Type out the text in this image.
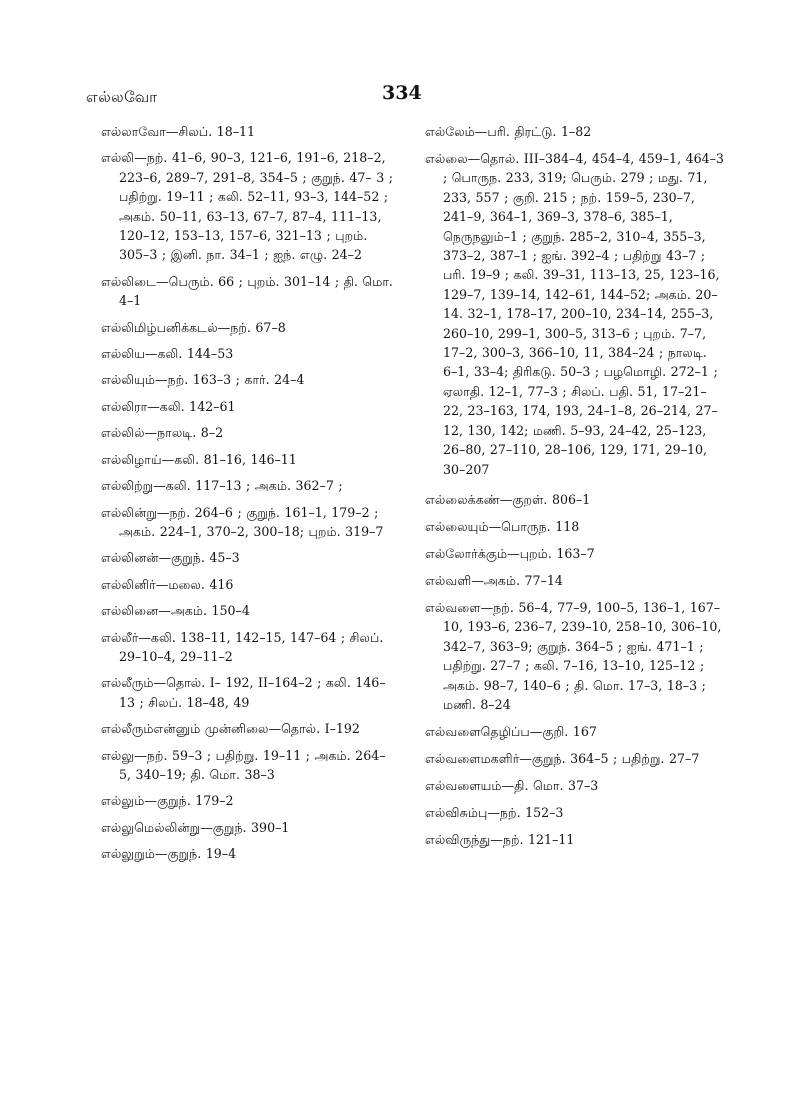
எல்லவோ	334
எல்லாவோ—சிலப். 18–11
எல்லி—நற். 41–6, 90–3, 121–6, 191–6, 218–2, 223–6, 289–7, 291–8, 354–5 ; குறுந். 47– 3 ; பதிற்று. 19–11 ; கலி. 52–11, 93–3, 144–52 ; அகம். 50–11, 63–13, 67–7, 87–4, 111–13, 120–12, 153–13, 157–6, 321–13 ; புறம். 305–3 ; இனி. நா. 34–1 ; ஐந். எழு. 24–2
எல்லிடை—பெரும். 66 ; புறம். 301–14 ; தி. மொ. 4–1
எல்லிமிழ்பனிக்கடல்—நற். 67–8
எல்லிய—கலி. 144–53
எல்லியும்—நற். 163–3 ; கார். 24–4
எல்லிரா—கலி. 142–61
எல்லில்—நாலடி. 8–2
எல்லிழாய்—கலி. 81–16, 146–11
எல்லிற்று—கலி. 117–13 ; அகம். 362–7 ;
எல்லின்று—நற். 264–6 ; குறுந். 161–1, 179–2 ; அகம். 224–1, 370–2, 300–18; புறம். 319–7
எல்லினன்—குறுந். 45–3
எல்லினிர்—மலை. 416
எல்லினை—அகம். 150–4
எல்லீர்—கலி. 138–11, 142–15, 147–64 ; சிலப். 29–10–4, 29–11–2
எல்லீரும்—தொல். I– 192, II–164–2 ; கலி. 146–13 ; சிலப். 18–48, 49
எல்லீரும்என்னும் முன்னிலை—தொல். I–192
எல்லு—நற். 59–3 ; பதிற்று. 19–11 ; அகம். 264–5, 340–19; தி. மொ. 38–3
எல்லும்—குறுந். 179–2
எல்லுமெல்லின்று—குறுந். 390–1
எல்லுறும்—குறுந். 19–4
எல்லேம்—பரி. திரட்டு. 1–82
எல்லை—தொல். III–384–4, 454–4, 459–1, 464–3 ; பொருந. 233, 319; பெரும். 279 ; மது. 71, 233, 557 ; குறி. 215 ; நற். 159–5, 230–7, 241–9, 364–1, 369–3, 378–6, 385–1, நெருநலும்–1 ; குறுந். 285–2, 310–4, 355–3, 373–2, 387–1 ; ஐங். 392–4 ; பதிற்று 43–7 ; பரி. 19–9 ; கலி. 39–31, 113–13, 25, 123–16, 129–7, 139–14, 142–61, 144–52; அகம். 20–14. 32–1, 178–17, 200–10, 234–14, 255–3, 260–10, 299–1, 300–5, 313–6 ; புறம். 7–7, 17–2, 300–3, 366–10, 11, 384–24 ; நாலடி. 6–1, 33–4; திரிகடு. 50–3 ; பழமொழி. 272–1 ; ஏலாதி. 12–1, 77–3 ; சிலப். பதி. 51, 17–21–22, 23–163, 174, 193, 24–1–8, 26–214, 27–12, 130, 142; மணி. 5–93, 24–42, 25–123, 26–80, 27–110, 28–106, 129, 171, 29–10, 30–207
எல்லைக்கண்—குறள். 806–1
எல்லையும்—பொருந. 118
எல்லோர்க்கும்—புறம். 163–7
எல்வளி—அகம். 77–14
எல்வளை—நற். 56–4, 77–9, 100–5, 136–1, 167–10, 193–6, 236–7, 239–10, 258–10, 306–10, 342–7, 363–9; குறுந். 364–5 ; ஐங். 471–1 ; பதிற்று. 27–7 ; கலி. 7–16, 13–10, 125–12 ; அகம். 98–7, 140–6 ; தி. மொ. 17–3, 18–3 ; மணி. 8–24
எல்வளைதெழிப்ப—குறி. 167
எல்வளைமகளிர்—குறுந். 364–5 ; பதிற்று. 27–7
எல்வளையம்—தி. மொ. 37–3
எல்விசும்பு—நற். 152–3
எல்விருந்து—நற். 121–11
